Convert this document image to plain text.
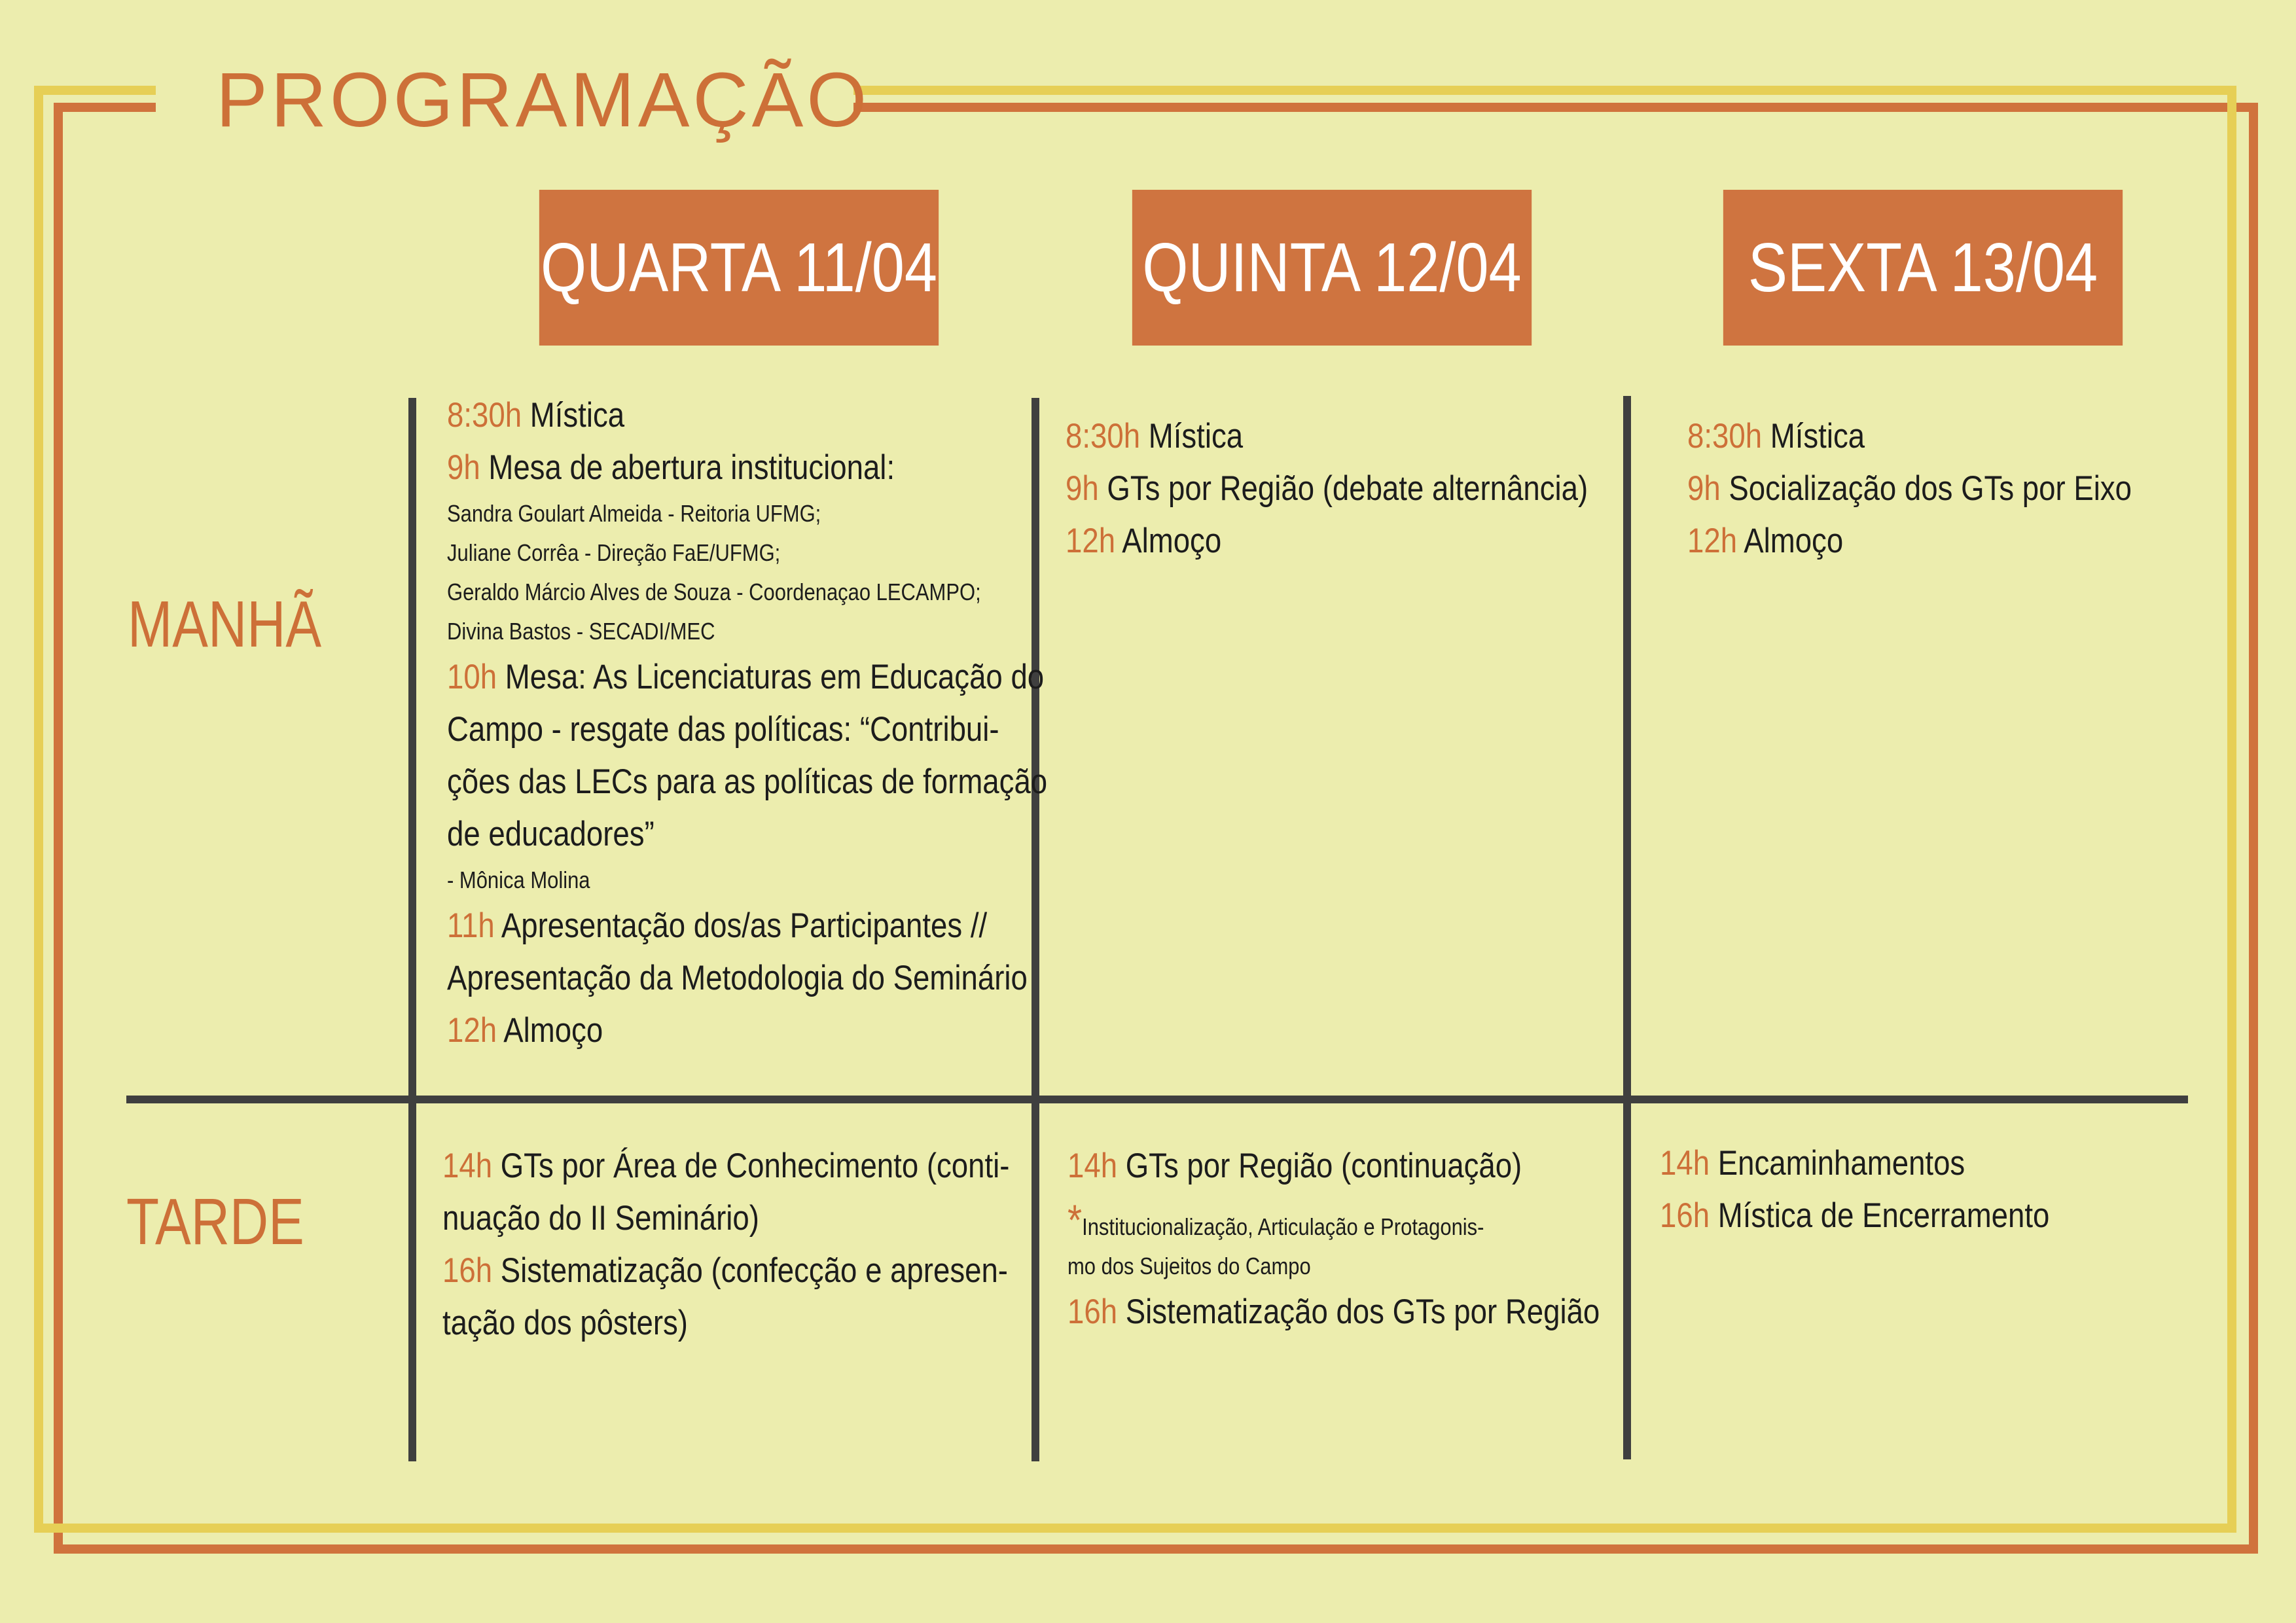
PROGRAMAÇÃO
QUARTA 11/04	QUINTA 12/04	SEXTA 13/04
MANHÃ
TARDE
8:30h Mística
9h Mesa de abertura institucional:
Sandra Goulart Almeida - Reitoria UFMG;
Juliane Corrêa - Direção FaE/UFMG;
Geraldo Márcio Alves de Souza - Coordenaçao LECAMPO;
Divina Bastos - SECADI/MEC
10h Mesa: As Licenciaturas em Educação do
Campo - resgate das políticas: “Contribui-
ções das LECs para as políticas de formação
de educadores”
- Mônica Molina
11h Apresentação dos/as Participantes //
Apresentação da Metodologia do Seminário
12h Almoço
8:30h Mística
9h GTs por Região (debate alternância)
12h Almoço
8:30h Mística
9h Socialização dos GTs por Eixo
12h Almoço
14h GTs por Área de Conhecimento (conti-
nuação do II Seminário)
16h Sistematização (confecção e apresen-
tação dos pôsters)
14h GTs por Região (continuação)
*Institucionalização, Articulação e Protagonis-
mo dos Sujeitos do Campo
16h Sistematização dos GTs por Região
14h Encaminhamentos
16h Mística de Encerramento
